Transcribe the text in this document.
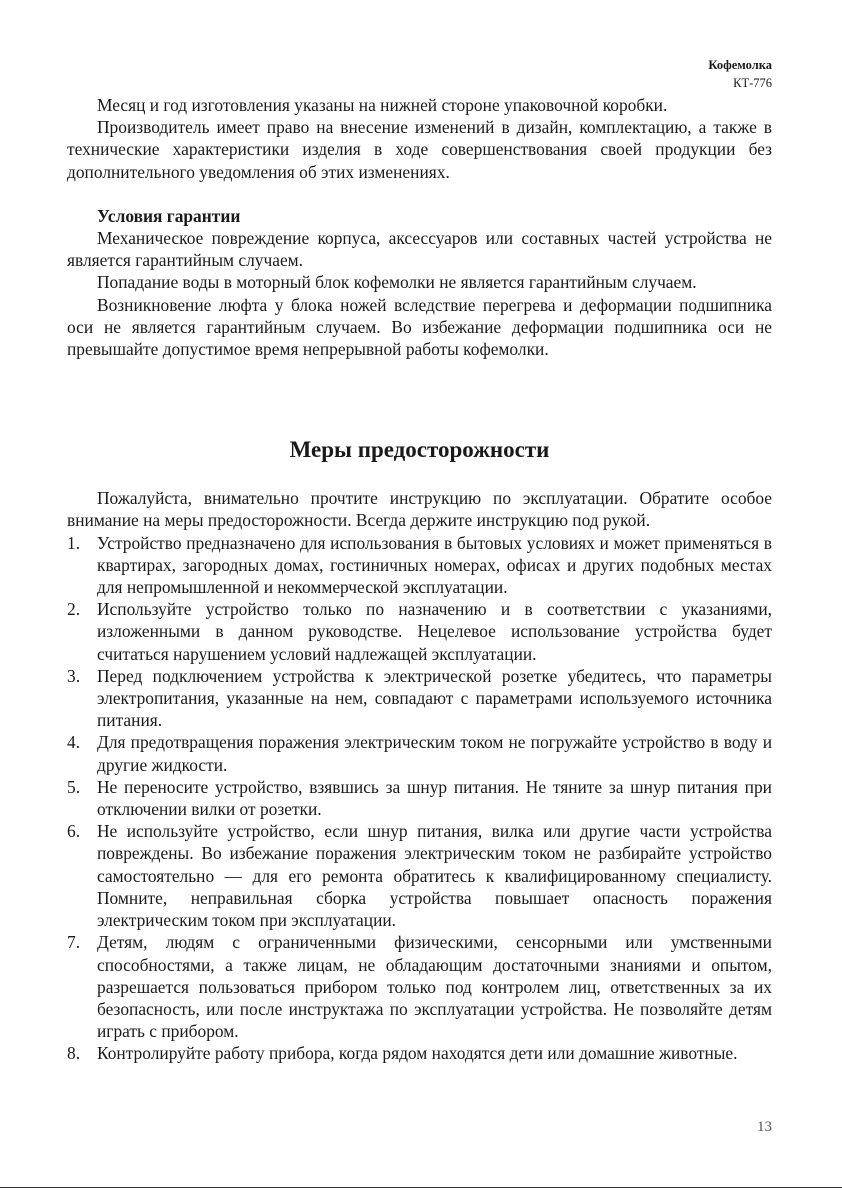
Кофемолка
КТ-776

Месяц и год изготовления указаны на нижней стороне упаковочной коробки.

Производитель имеет право на внесение изменений в дизайн, комплектацию, а также в технические характеристики изделия в ходе совершенствования своей продукции без дополнительного уведомления об этих изменениях.

Условия гарантии

Механическое повреждение корпуса, аксессуаров или составных частей устройства не является гарантийным случаем.

Попадание воды в моторный блок кофемолки не является гарантийным случаем.

Возникновение люфта у блока ножей вследствие перегрева и деформации подшипника оси не является гарантийным случаем. Во избежание деформации подшипника оси не превышайте допустимое время непрерывной работы кофемолки.

Меры предосторожности

Пожалуйста, внимательно прочтите инструкцию по эксплуатации. Обратите особое внимание на меры предосторожности. Всегда держите инструкцию под рукой.

1. Устройство предназначено для использования в бытовых условиях и может применяться в квартирах, загородных домах, гостиничных номерах, офисах и других подобных местах для непромышленной и некоммерческой эксплуатации.
2. Используйте устройство только по назначению и в соответствии с указаниями, изложенными в данном руководстве. Нецелевое использование устройства будет считаться нарушением условий надлежащей эксплуатации.
3. Перед подключением устройства к электрической розетке убедитесь, что параметры электропитания, указанные на нем, совпадают с параметрами используемого источника питания.
4. Для предотвращения поражения электрическим током не погружайте устройство в воду и другие жидкости.
5. Не переносите устройство, взявшись за шнур питания. Не тяните за шнур питания при отключении вилки от розетки.
6. Не используйте устройство, если шнур питания, вилка или другие части устройства повреждены. Во избежание поражения электрическим током не разбирайте устройство самостоятельно — для его ремонта обратитесь к квалифицированному специалисту. Помните, неправильная сборка устройства повышает опасность поражения электрическим током при эксплуатации.
7. Детям, людям с ограниченными физическими, сенсорными или умственными способностями, а также лицам, не обладающим достаточными знаниями и опытом, разрешается пользоваться прибором только под контролем лиц, ответственных за их безопасность, или после инструктажа по эксплуатации устройства. Не позволяйте детям играть с прибором.
8. Контролируйте работу прибора, когда рядом находятся дети или домашние животные.
13
